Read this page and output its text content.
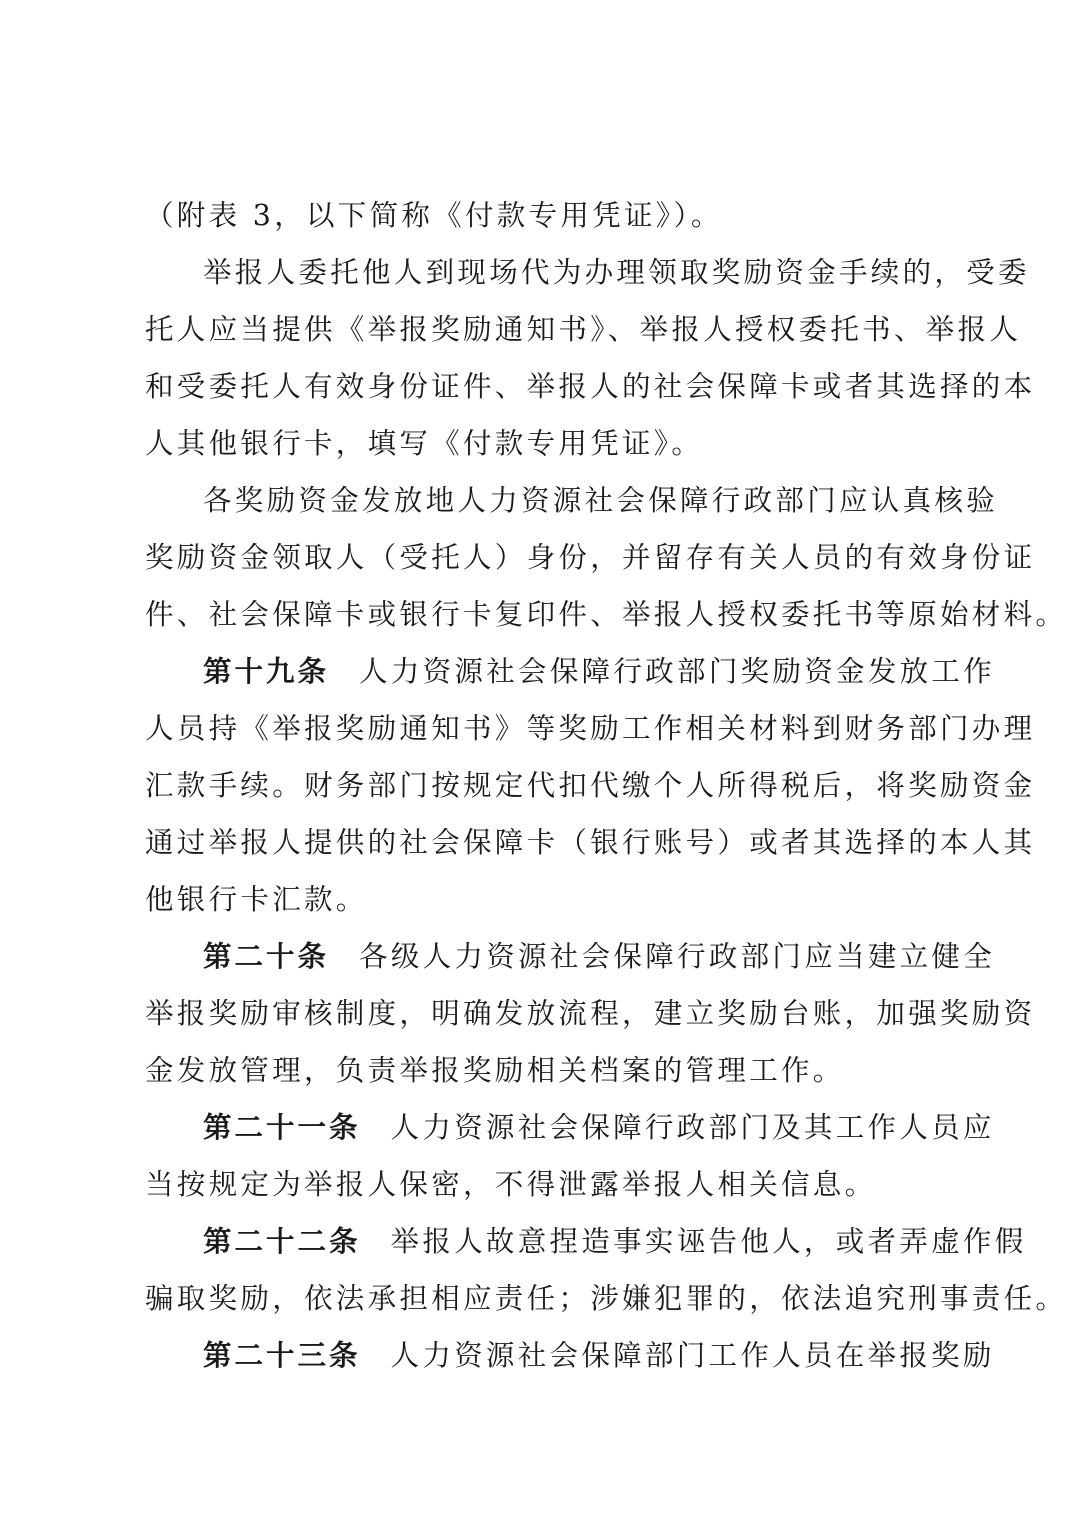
（附表 3，以下简称《付款专用凭证》）。
举报人委托他人到现场代为办理领取奖励资金手续的，受委
托人应当提供《举报奖励通知书》、举报人授权委托书、举报人
和受委托人有效身份证件、举报人的社会保障卡或者其选择的本
人其他银行卡，填写《付款专用凭证》。
各奖励资金发放地人力资源社会保障行政部门应认真核验
奖励资金领取人（受托人）身份，并留存有关人员的有效身份证
件、社会保障卡或银行卡复印件、举报人授权委托书等原始材料。
第十九条 人力资源社会保障行政部门奖励资金发放工作
人员持《举报奖励通知书》等奖励工作相关材料到财务部门办理
汇款手续。财务部门按规定代扣代缴个人所得税后，将奖励资金
通过举报人提供的社会保障卡（银行账号）或者其选择的本人其
他银行卡汇款。
第二十条 各级人力资源社会保障行政部门应当建立健全
举报奖励审核制度，明确发放流程，建立奖励台账，加强奖励资
金发放管理，负责举报奖励相关档案的管理工作。
第二十一条 人力资源社会保障行政部门及其工作人员应
当按规定为举报人保密，不得泄露举报人相关信息。
第二十二条 举报人故意捏造事实诬告他人，或者弄虚作假
骗取奖励，依法承担相应责任；涉嫌犯罪的，依法追究刑事责任。
第二十三条 人力资源社会保障部门工作人员在举报奖励
